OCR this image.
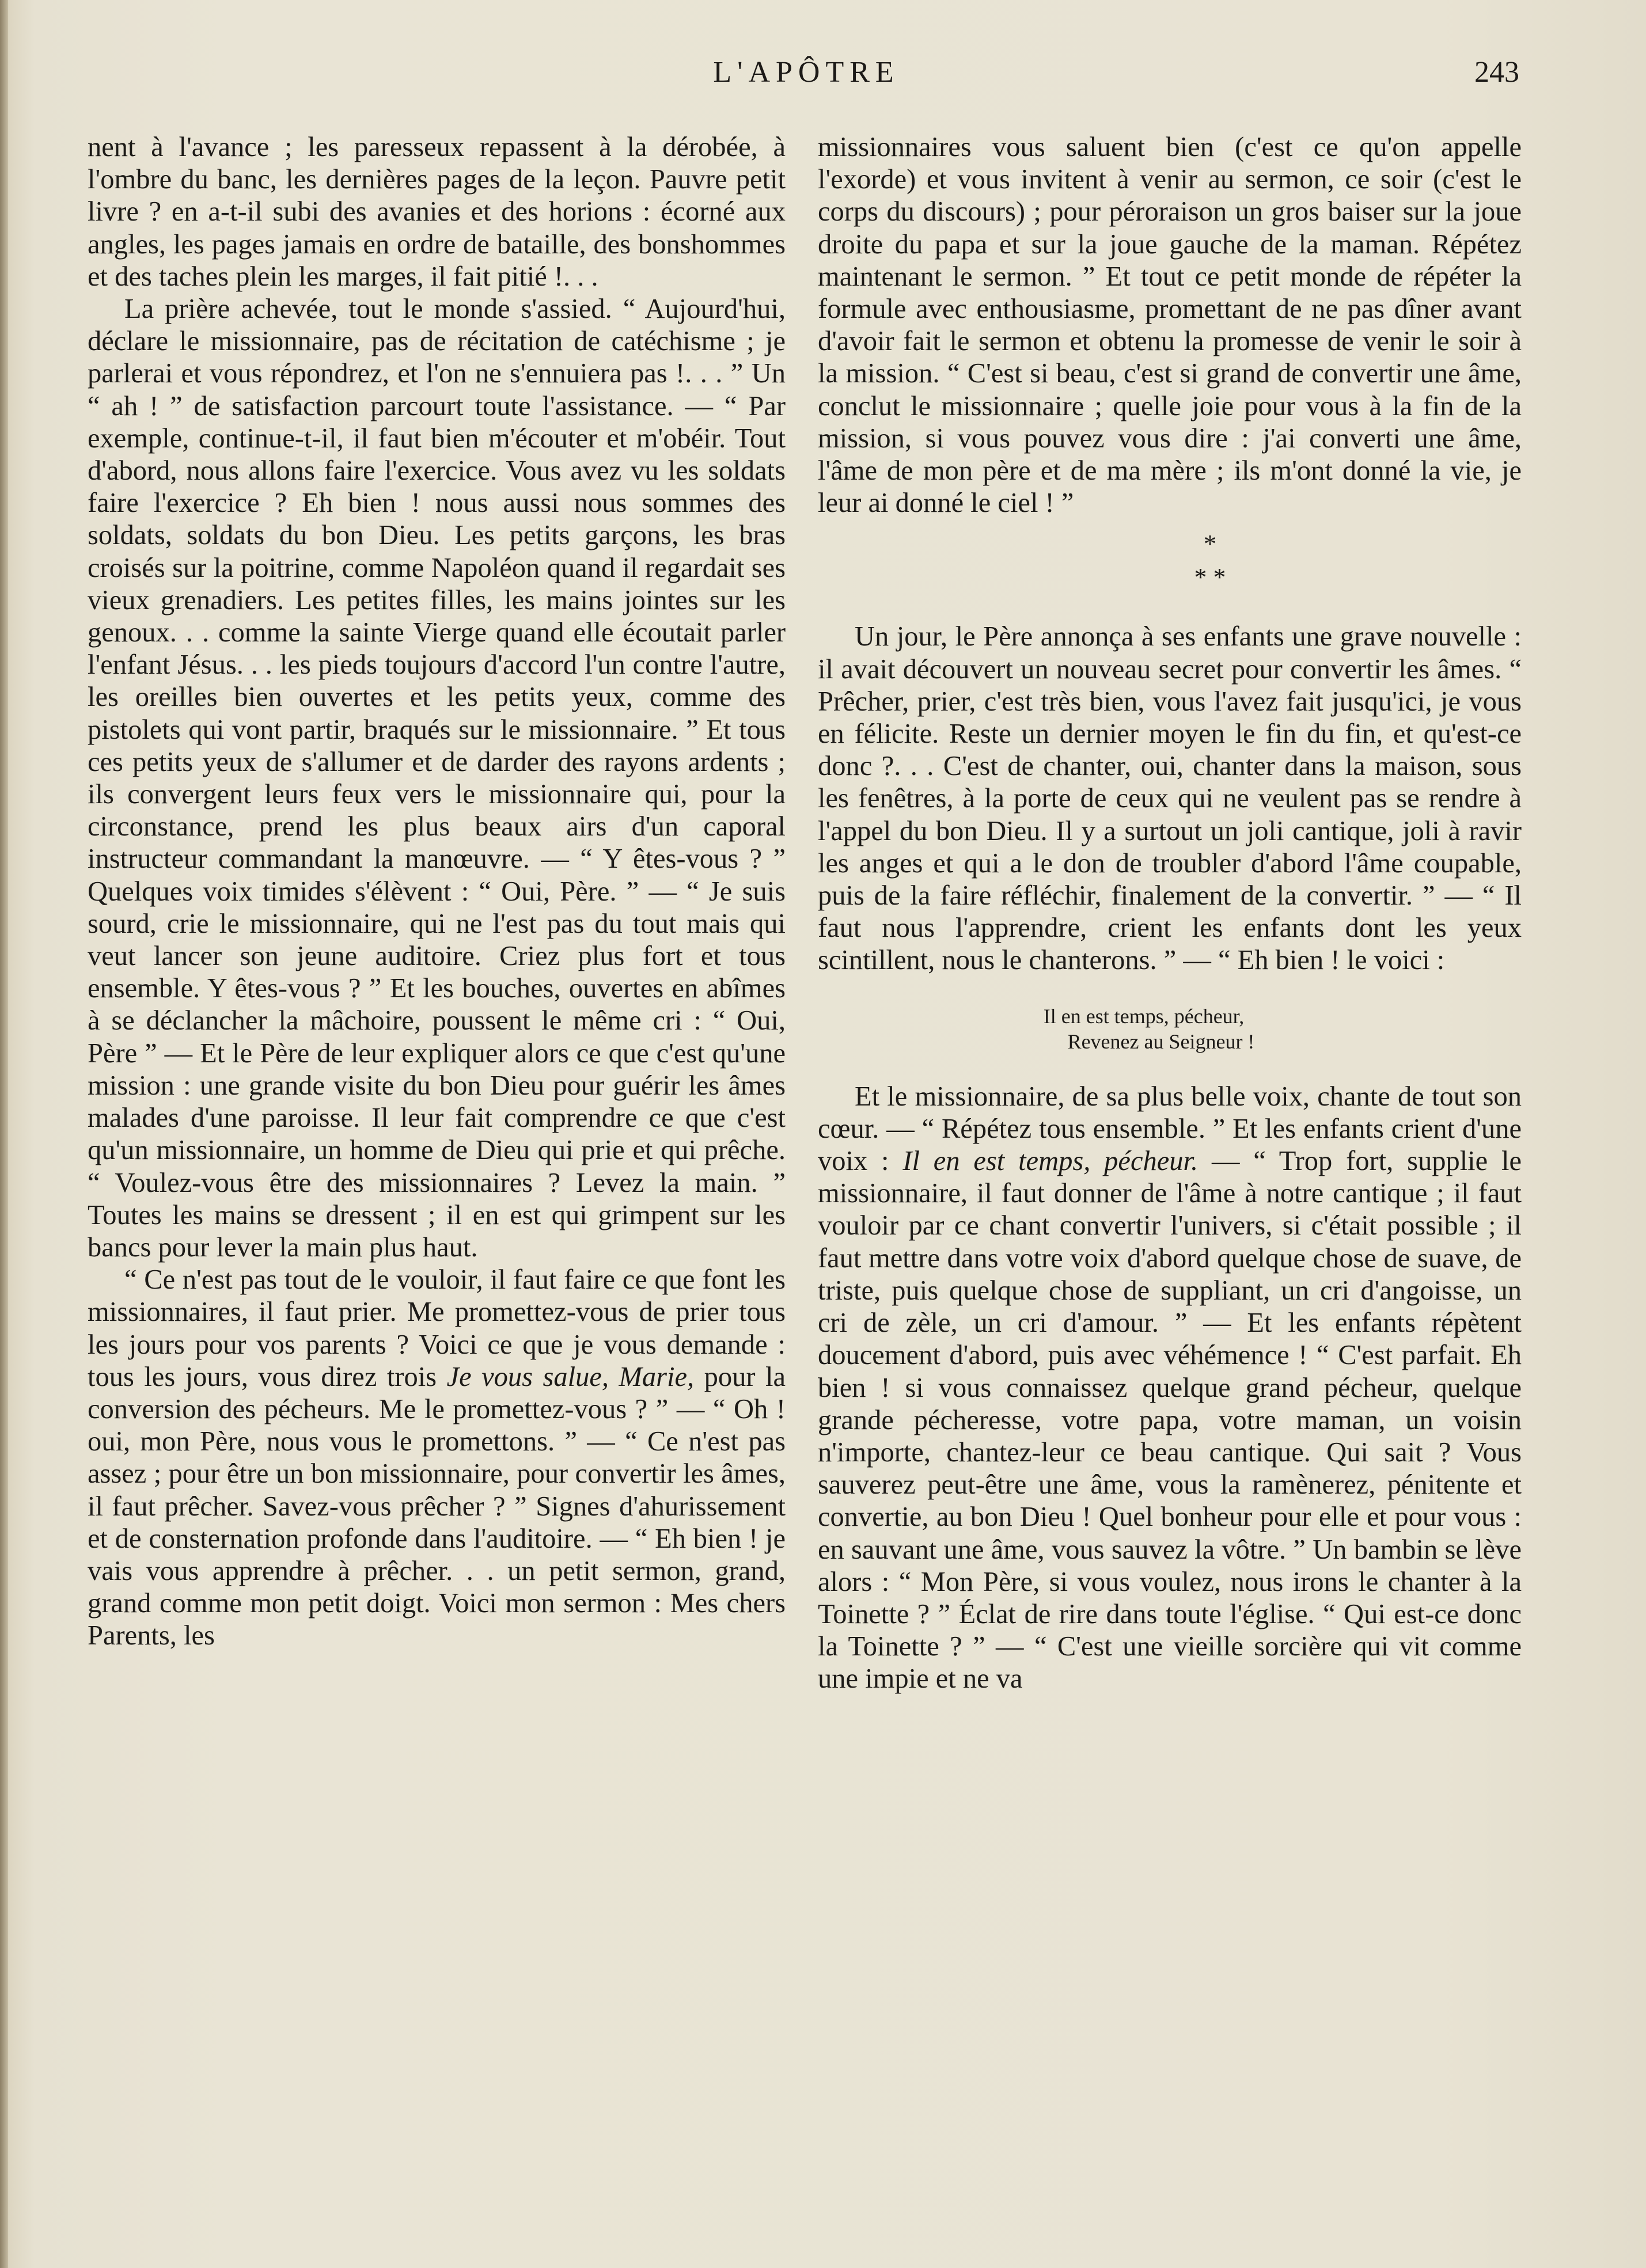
L'APÔTRE	243

nent à l'avance ; les paresseux repassent à la dérobée, à l'ombre du banc, les dernières pages de la leçon. Pauvre petit livre ? en a-t-il subi des avanies et des horions : écorné aux angles, les pages jamais en ordre de bataille, des bonshommes et des taches plein les marges, il fait pitié !. . .

La prière achevée, tout le monde s'assied. “ Aujourd'hui, déclare le missionnaire, pas de récitation de catéchisme ; je parlerai et vous répondrez, et l'on ne s'ennuiera pas !. . . ” Un “ ah ! ” de satisfaction parcourt toute l'assistance. — “ Par exemple, continue-t-il, il faut bien m'écouter et m'obéir. Tout d'abord, nous allons faire l'exercice. Vous avez vu les soldats faire l'exercice ? Eh bien ! nous aussi nous sommes des soldats, soldats du bon Dieu. Les petits garçons, les bras croisés sur la poitrine, comme Napoléon quand il regardait ses vieux grenadiers. Les petites filles, les mains jointes sur les genoux. . . comme la sainte Vierge quand elle écoutait parler l'enfant Jésus. . . les pieds toujours d'accord l'un contre l'autre, les oreilles bien ouvertes et les petits yeux, comme des pistolets qui vont partir, braqués sur le missionnaire. ” Et tous ces petits yeux de s'allumer et de darder des rayons ardents ; ils convergent leurs feux vers le missionnaire qui, pour la circonstance, prend les plus beaux airs d'un caporal instructeur commandant la manœuvre. — “ Y êtes-vous ? ” Quelques voix timides s'élèvent : “ Oui, Père. ” — “ Je suis sourd, crie le missionnaire, qui ne l'est pas du tout mais qui veut lancer son jeune auditoire. Criez plus fort et tous ensemble. Y êtes-vous ? ” Et les bouches, ouvertes en abîmes à se déclancher la mâchoire, poussent le même cri : “ Oui, Père ” — Et le Père de leur expliquer alors ce que c'est qu'une mission : une grande visite du bon Dieu pour guérir les âmes malades d'une paroisse. Il leur fait comprendre ce que c'est qu'un missionnaire, un homme de Dieu qui prie et qui prêche. “ Voulez-vous être des missionnaires ? Levez la main. ” Toutes les mains se dressent ; il en est qui grimpent sur les bancs pour lever la main plus haut.

“ Ce n'est pas tout de le vouloir, il faut faire ce que font les missionnaires, il faut prier. Me promettez-vous de prier tous les jours pour vos parents ? Voici ce que je vous demande : tous les jours, vous direz trois Je vous salue, Marie, pour la conversion des pécheurs. Me le promettez-vous ? ” — “ Oh ! oui, mon Père, nous vous le promettons. ” — “ Ce n'est pas assez ; pour être un bon missionnaire, pour convertir les âmes, il faut prêcher. Savez-vous prêcher ? ” Signes d'ahurissement et de consternation profonde dans l'auditoire. — “ Eh bien ! je vais vous apprendre à prêcher. . . un petit sermon, grand, grand comme mon petit doigt. Voici mon sermon : Mes chers Parents, les

missionnaires vous saluent bien (c'est ce qu'on appelle l'exorde) et vous invitent à venir au sermon, ce soir (c'est le corps du discours) ; pour péroraison un gros baiser sur la joue droite du papa et sur la joue gauche de la maman. Répétez maintenant le sermon. ” Et tout ce petit monde de répéter la formule avec enthousiasme, promettant de ne pas dîner avant d'avoir fait le sermon et obtenu la promesse de venir le soir à la mission. “ C'est si beau, c'est si grand de convertir une âme, conclut le missionnaire ; quelle joie pour vous à la fin de la mission, si vous pouvez vous dire : j'ai converti une âme, l'âme de mon père et de ma mère ; ils m'ont donné la vie, je leur ai donné le ciel ! ”

*
* *

Un jour, le Père annonça à ses enfants une grave nouvelle : il avait découvert un nouveau secret pour convertir les âmes. “ Prêcher, prier, c'est très bien, vous l'avez fait jusqu'ici, je vous en félicite. Reste un dernier moyen le fin du fin, et qu'est-ce donc ?. . . C'est de chanter, oui, chanter dans la maison, sous les fenêtres, à la porte de ceux qui ne veulent pas se rendre à l'appel du bon Dieu. Il y a surtout un joli cantique, joli à ravir les anges et qui a le don de troubler d'abord l'âme coupable, puis de la faire réfléchir, finalement de la convertir. ” — “ Il faut nous l'apprendre, crient les enfants dont les yeux scintillent, nous le chanterons. ” — “ Eh bien ! le voici :

Il en est temps, pécheur,
Revenez au Seigneur !

Et le missionnaire, de sa plus belle voix, chante de tout son cœur. — “ Répétez tous ensemble. ” Et les enfants crient d'une voix : Il en est temps, pécheur. — “ Trop fort, supplie le missionnaire, il faut donner de l'âme à notre cantique ; il faut vouloir par ce chant convertir l'univers, si c'était possible ; il faut mettre dans votre voix d'abord quelque chose de suave, de triste, puis quelque chose de suppliant, un cri d'angoisse, un cri de zèle, un cri d'amour. ” — Et les enfants répètent doucement d'abord, puis avec véhémence ! “ C'est parfait. Eh bien ! si vous connaissez quelque grand pécheur, quelque grande pécheresse, votre papa, votre maman, un voisin n'importe, chantez-leur ce beau cantique. Qui sait ? Vous sauverez peut-être une âme, vous la ramènerez, pénitente et convertie, au bon Dieu ! Quel bonheur pour elle et pour vous : en sauvant une âme, vous sauvez la vôtre. ” Un bambin se lève alors : “ Mon Père, si vous voulez, nous irons le chanter à la Toinette ? ” Éclat de rire dans toute l'église. “ Qui est-ce donc la Toinette ? ” — “ C'est une vieille sorcière qui vit comme une impie et ne va
